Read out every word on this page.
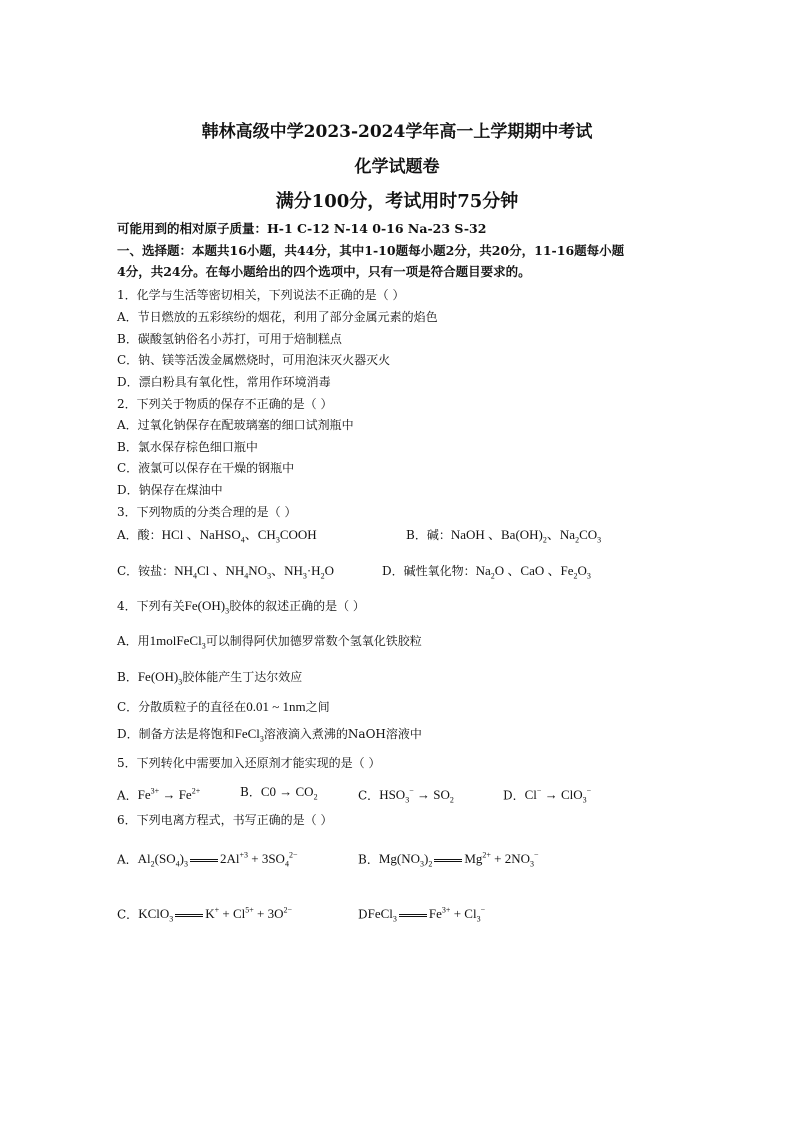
韩林高级中学2023-2024学年高一上学期期中考试
化学试题卷
满分100分，考试用时75分钟
可能用到的相对原子质量：H-1 C-12 N-14 0-16 Na-23 S-32
一、选择题：本题共16小题，共44分，其中1-10题每小题2分，共20分，11-16题每小题
4分，共24分。在每小题给出的四个选项中，只有一项是符合题目要求的。
1．化学与生活等密切相关，下列说法不正确的是（ ）
A．节日燃放的五彩缤纷的烟花，利用了部分金属元素的焰色
B．碳酸氢钠俗名小苏打，可用于焙制糕点
C．钠、镁等活泼金属燃烧时，可用泡沫灭火器灭火
D．漂白粉具有氧化性，常用作环境消毒
2．下列关于物质的保存不正确的是（ ）
A．过氧化钠保存在配玻璃塞的细口试剂瓶中
B．氯水保存棕色细口瓶中
C．液氯可以保存在干燥的钢瓶中
D．钠保存在煤油中
3．下列物质的分类合理的是（ ）
A．酸：HCl 、NaHSO$_4$、$CH_3COOH$	B．碱：NaOH 、$Ba(OH)_2$、$Na_2CO_3$
C．铵盐：$NH_4Cl$ 、$NH_4NO_3$、$NH_3\cdot H_2O$	D．碱性氧化物：$Na_2O$ 、CaO 、$Fe_2O_3$
4．下列有关$Fe(OH)_3$胶体的叙述正确的是（ ）
A．用1molFeCl$_3$可以制得阿伏加德罗常数个氢氧化铁胶粒
B．$Fe(OH)_3$胶体能产生丁达尔效应
C．分散质粒子的直径在0.01 ~ 1nm之间
D．制备方法是将饱和FeCl$_3$溶液滴入煮沸的NaOH溶液中
5．下列转化中需要加入还原剂才能实现的是（ ）
A．$Fe^{3+} \to Fe^{2+}$	B．$C0 \to CO_2$	C．$HSO_3^- \to SO_2$	D．Cl− → ClO$_3$−
6．下列电离方程式，书写正确的是（ ）
A．$Al_2(SO_4)_3$ $2Al^{+3} + 3SO_4^{2-}$	B．$Mg(NO_3)_2$ $Mg^{2+} + 2NO_3^-$
C．KClO$_3$ $K^+ + Cl^{5+} + 3O^{2-}$	DFeCl$_3$ $Fe^{3+} + Cl_3^-$
